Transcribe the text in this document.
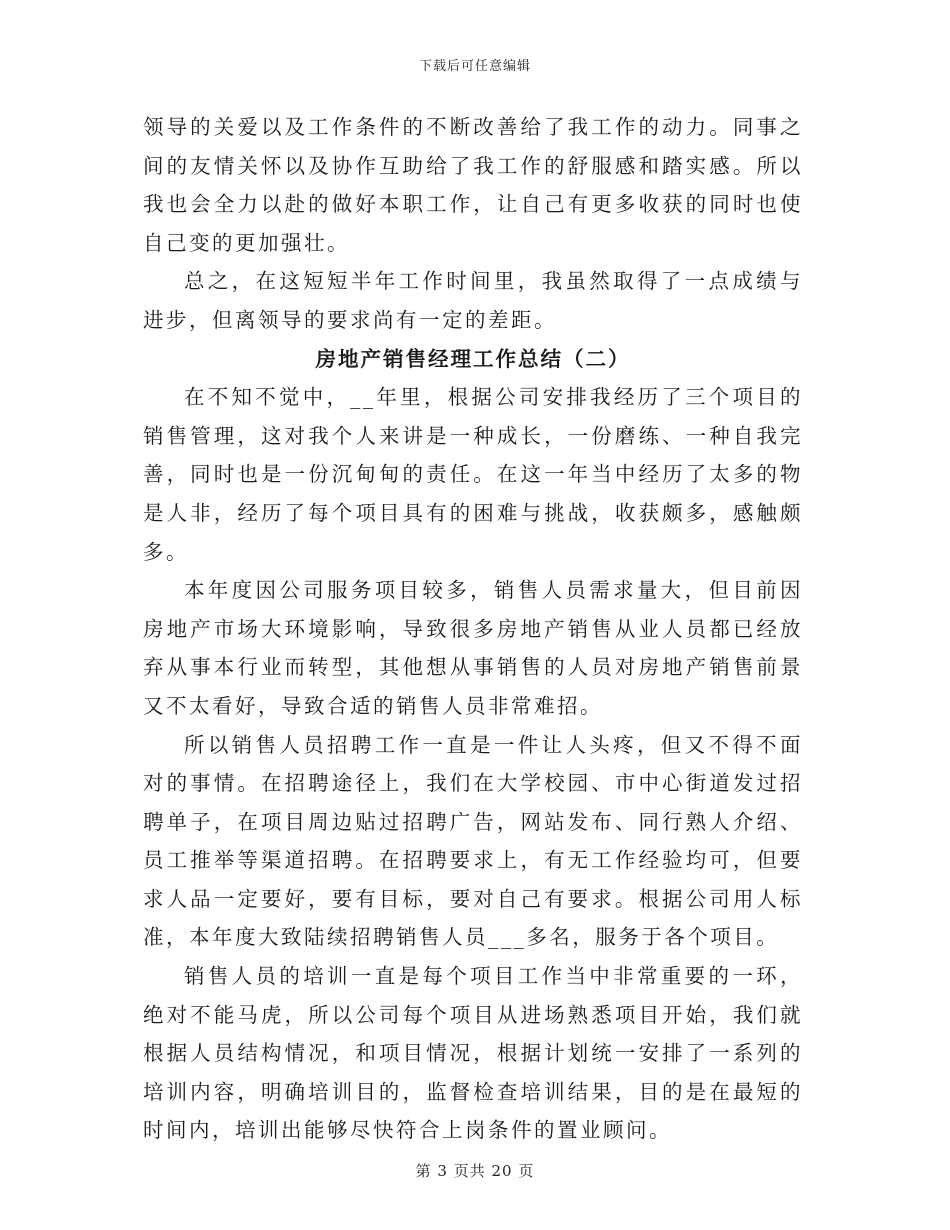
下载后可任意编辑

领导的关爱以及工作条件的不断改善给了我工作的动力。同事之间的友情关怀以及协作互助给了我工作的舒服感和踏实感。所以我也会全力以赴的做好本职工作，让自己有更多收获的同时也使自己变的更加强壮。

总之，在这短短半年工作时间里，我虽然取得了一点成绩与进步，但离领导的要求尚有一定的差距。

房地产销售经理工作总结（二）

在不知不觉中，__年里，根据公司安排我经历了三个项目的销售管理，这对我个人来讲是一种成长，一份磨练、一种自我完善，同时也是一份沉甸甸的责任。在这一年当中经历了太多的物是人非，经历了每个项目具有的困难与挑战，收获颇多，感触颇多。

本年度因公司服务项目较多，销售人员需求量大，但目前因房地产市场大环境影响，导致很多房地产销售从业人员都已经放弃从事本行业而转型，其他想从事销售的人员对房地产销售前景又不太看好，导致合适的销售人员非常难招。

所以销售人员招聘工作一直是一件让人头疼，但又不得不面对的事情。在招聘途径上，我们在大学校园、市中心街道发过招聘单子，在项目周边贴过招聘广告，网站发布、同行熟人介绍、员工推举等渠道招聘。在招聘要求上，有无工作经验均可，但要求人品一定要好，要有目标，要对自己有要求。根据公司用人标准，本年度大致陆续招聘销售人员___多名，服务于各个项目。

销售人员的培训一直是每个项目工作当中非常重要的一环，绝对不能马虎，所以公司每个项目从进场熟悉项目开始，我们就根据人员结构情况，和项目情况，根据计划统一安排了一系列的培训内容，明确培训目的，监督检查培训结果，目的是在最短的时间内，培训出能够尽快符合上岗条件的置业顾问。

第 3 页共 20 页
